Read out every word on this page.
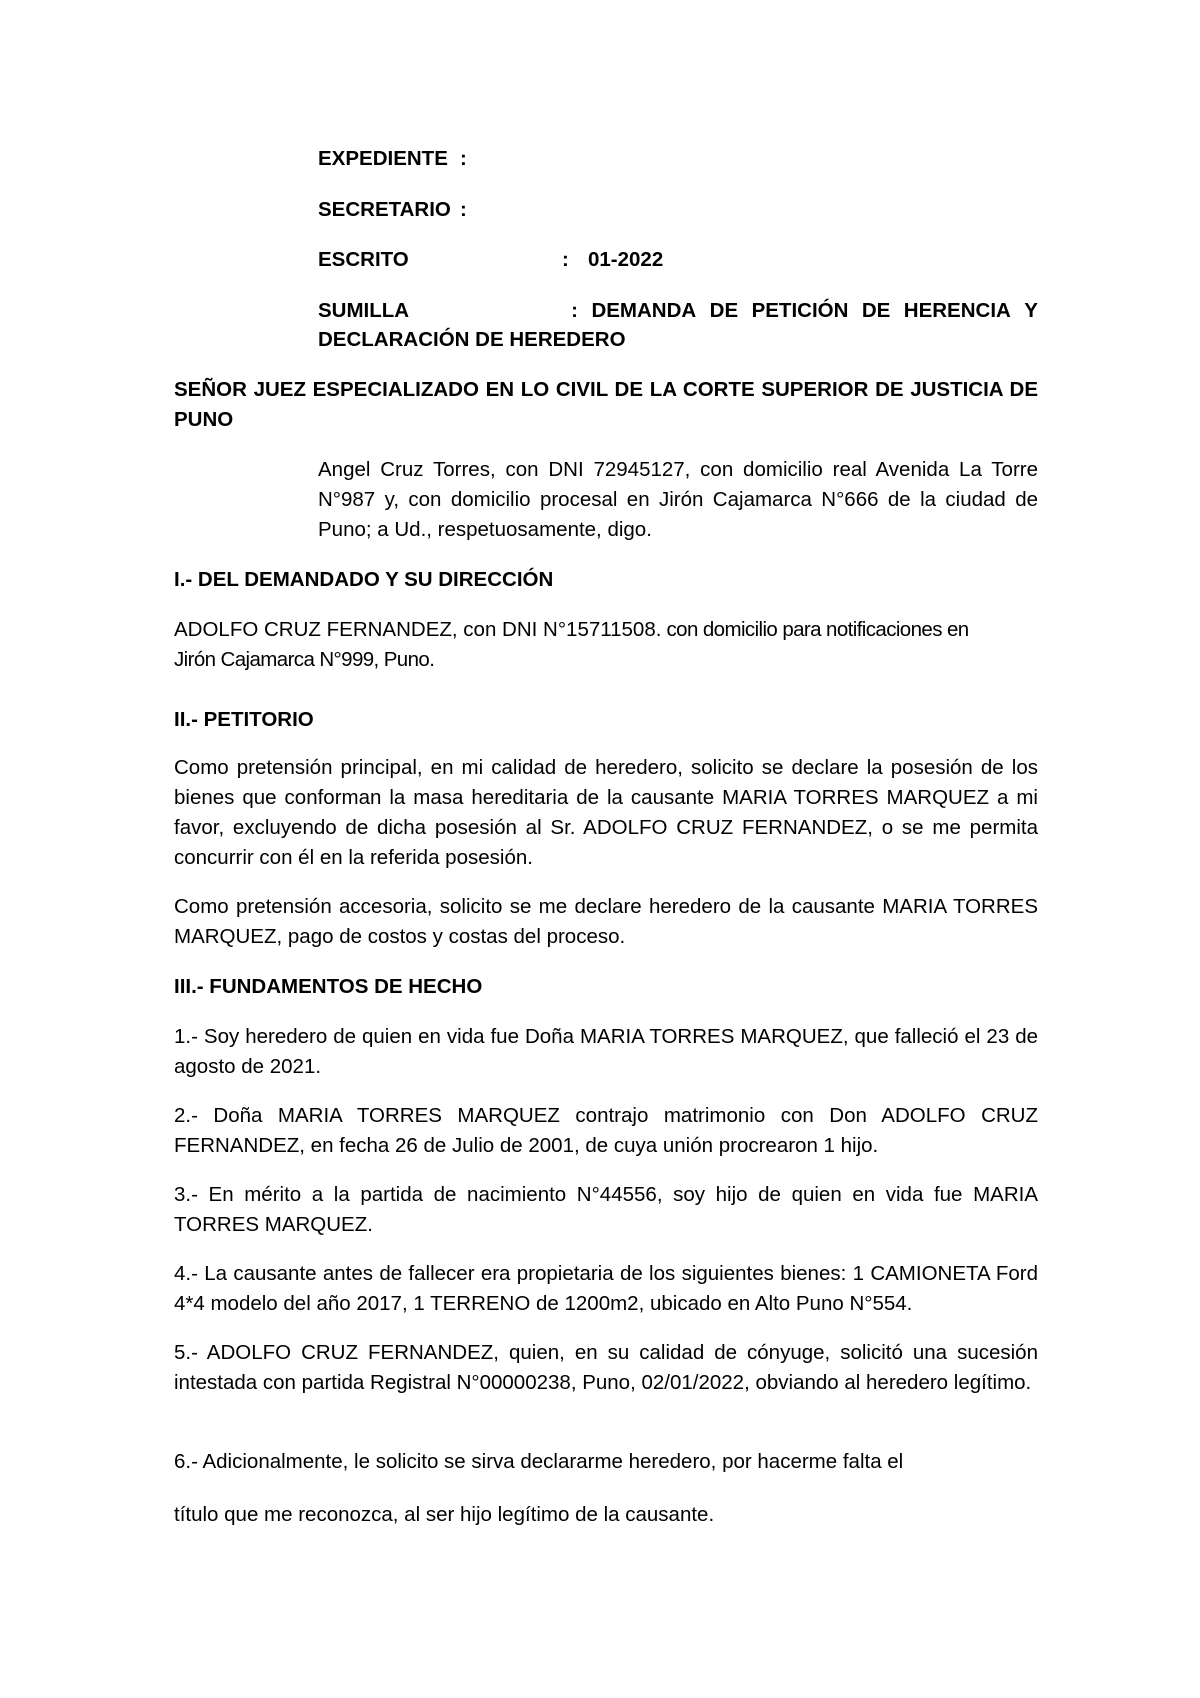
EXPEDIENTE :
SECRETARIO :
ESCRITO	: 01-2022
SUMILLA	: DEMANDA DE PETICIÓN DE HERENCIA Y
DECLARACIÓN DE HEREDERO
SEÑOR JUEZ ESPECIALIZADO EN LO CIVIL DE LA CORTE SUPERIOR DE JUSTICIA DE PUNO
Angel Cruz Torres, con DNI 72945127, con domicilio real Avenida La Torre N°987 y, con domicilio procesal en Jirón Cajamarca N°666 de la ciudad de Puno; a Ud., respetuosamente, digo.
I.- DEL DEMANDADO Y SU DIRECCIÓN
ADOLFO CRUZ FERNANDEZ, con DNI N°15711508. con domicilio para notificaciones en Jirón Cajamarca N°999, Puno.
II.- PETITORIO
Como pretensión principal, en mi calidad de heredero, solicito se declare la posesión de los bienes que conforman la masa hereditaria de la causante MARIA TORRES MARQUEZ a mi favor, excluyendo de dicha posesión al Sr. ADOLFO CRUZ FERNANDEZ, o se me permita concurrir con él en la referida posesión.
Como pretensión accesoria, solicito se me declare heredero de la causante MARIA TORRES MARQUEZ, pago de costos y costas del proceso.
III.- FUNDAMENTOS DE HECHO
1.- Soy heredero de quien en vida fue Doña MARIA TORRES MARQUEZ, que falleció el 23 de agosto de 2021.
2.- Doña MARIA TORRES MARQUEZ contrajo matrimonio con Don ADOLFO CRUZ FERNANDEZ, en fecha 26 de Julio de 2001, de cuya unión procrearon 1 hijo.
3.- En mérito a la partida de nacimiento N°44556, soy hijo de quien en vida fue MARIA TORRES MARQUEZ.
4.- La causante antes de fallecer era propietaria de los siguientes bienes: 1 CAMIONETA Ford 4*4 modelo del año 2017, 1 TERRENO de 1200m2, ubicado en Alto Puno N°554.
5.- ADOLFO CRUZ FERNANDEZ, quien, en su calidad de cónyuge, solicitó una sucesión intestada con partida Registral N°00000238, Puno, 02/01/2022, obviando al heredero legítimo.
6.- Adicionalmente, le solicito se sirva declararme heredero, por hacerme falta el
título que me reconozca, al ser hijo legítimo de la causante.
